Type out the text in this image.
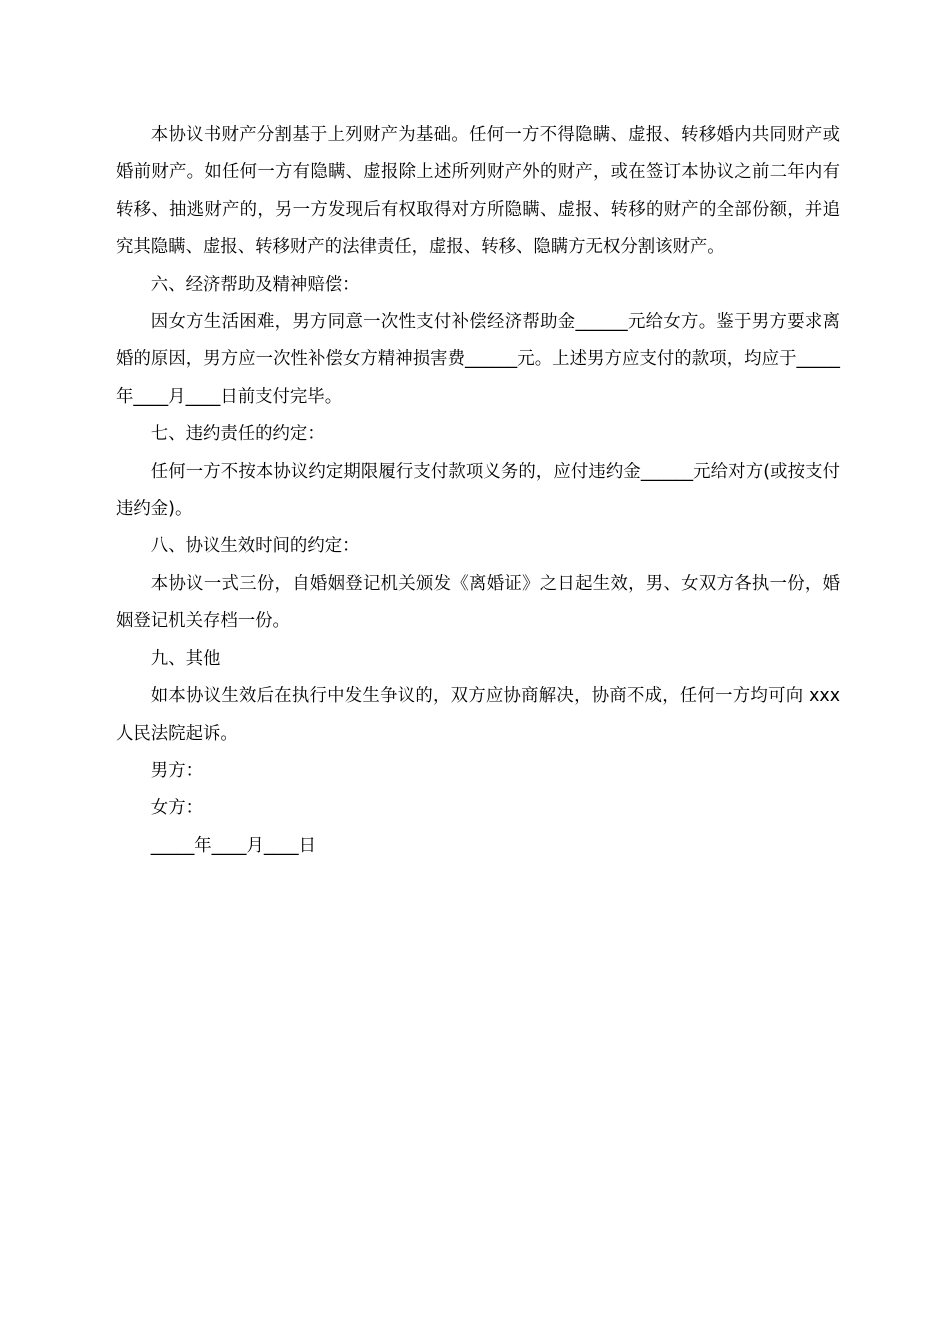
本协议书财产分割基于上列财产为基础。任何一方不得隐瞒、虚报、转移婚内共同财产或婚前财产。如任何一方有隐瞒、虚报除上述所列财产外的财产，或在签订本协议之前二年内有转移、抽逃财产的，另一方发现后有权取得对方所隐瞒、虚报、转移的财产的全部份额，并追究其隐瞒、虚报、转移财产的法律责任，虚报、转移、隐瞒方无权分割该财产。

六、经济帮助及精神赔偿：

因女方生活困难，男方同意一次性支付补偿经济帮助金______元给女方。鉴于男方要求离婚的原因，男方应一次性补偿女方精神损害费______元。上述男方应支付的款项，均应于_____年____月____日前支付完毕。

七、违约责任的约定：

任何一方不按本协议约定期限履行支付款项义务的，应付违约金______元给对方(或按支付违约金)。

八、协议生效时间的约定：

本协议一式三份，自婚姻登记机关颁发《离婚证》之日起生效，男、女双方各执一份，婚姻登记机关存档一份。

九、其他

如本协议生效后在执行中发生争议的，双方应协商解决，协商不成，任何一方均可向 xxx 人民法院起诉。

男方：

女方：

_____年____月____日
